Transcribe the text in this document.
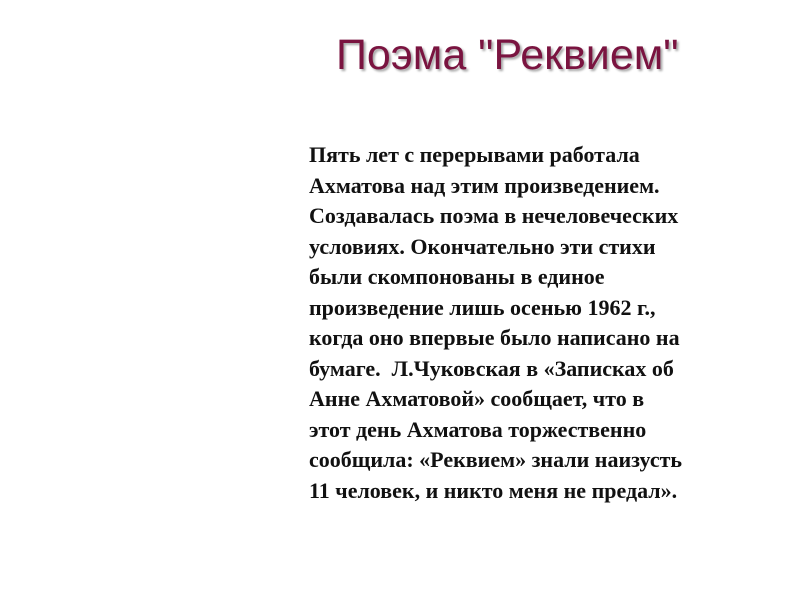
Поэма "Реквием"
Пять лет с перерывами работала
Ахматова над этим произведением.
Создавалась поэма в нечеловеческих
условиях. Окончательно эти стихи
были скомпонованы в единое
произведение лишь осенью 1962 г.,
когда оно впервые было написано на
бумаге.  Л.Чуковская в «Записках об
Анне Ахматовой» сообщает, что в
этот день Ахматова торжественно
сообщила: «Реквием» знали наизусть
11 человек, и никто меня не предал».
